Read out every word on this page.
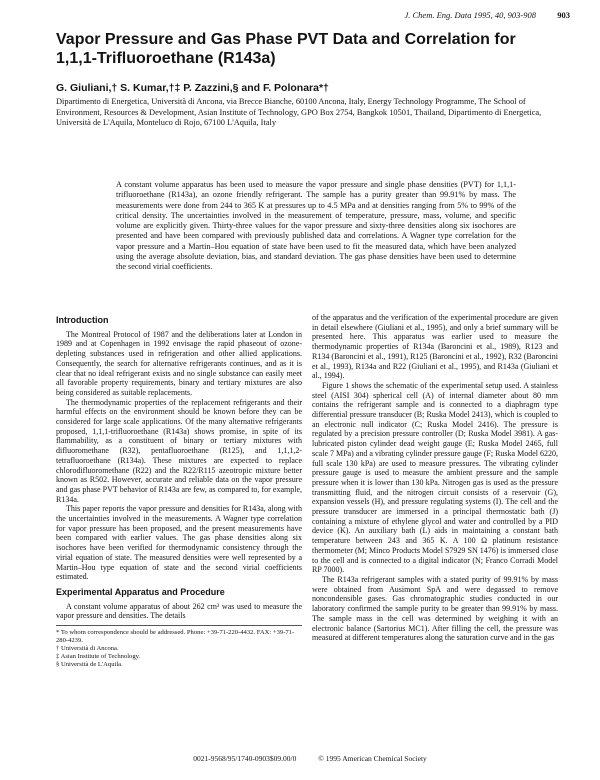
J. Chem. Eng. Data 1995, 40, 903-908	903
Vapor Pressure and Gas Phase PVT Data and Correlation for 1,1,1-Trifluoroethane (R143a)
G. Giuliani,† S. Kumar,†‡ P. Zazzini,§ and F. Polonara*†
Dipartimento di Energetica, Università di Ancona, via Brecce Bianche, 60100 Ancona, Italy, Energy Technology Programme, The School of Environment, Resources & Development, Asian Institute of Technology, GPO Box 2754, Bangkok 10501, Thailand, Dipartimento di Energetica, Università de L'Aquila, Monteluco di Rojo, 67100 L'Aquila, Italy
A constant volume apparatus has been used to measure the vapor pressure and single phase densities (PVT) for 1,1,1-trifluoroethane (R143a), an ozone friendly refrigerant. The sample has a purity greater than 99.91% by mass. The measurements were done from 244 to 365 K at pressures up to 4.5 MPa and at densities ranging from 5% to 99% of the critical density. The uncertainties involved in the measurement of temperature, pressure, mass, volume, and specific volume are explicitly given. Thirty-three values for the vapor pressure and sixty-three densities along six isochores are presented and have been compared with previously published data and correlations. A Wagner type correlation for the vapor pressure and a Martin–Hou equation of state have been used to fit the measured data, which have been analyzed using the average absolute deviation, bias, and standard deviation. The gas phase densities have been used to determine the second virial coefficients.
Introduction

The Montreal Protocol of 1987 and the deliberations later at London in 1989 and at Copenhagen in 1992 envisage the rapid phaseout of ozone-depleting substances used in refrigeration and other allied applications. Consequently, the search for alternative refrigerants continues, and as it is clear that no ideal refrigerant exists and no single substance can easily meet all favorable property requirements, binary and tertiary mixtures are also being considered as suitable replacements.

The thermodynamic properties of the replacement refrigerants and their harmful effects on the environment should be known before they can be considered for large scale applications. Of the many alternative refrigerants proposed, 1,1,1-trifluoroethane (R143a) shows promise, in spite of its flammability, as a constituent of binary or tertiary mixtures with difluoromethane (R32), pentafluoroethane (R125), and 1,1,1,2-tetrafluoroethane (R134a). These mixtures are expected to replace chlorodifluoromethane (R22) and the R22/R115 azeotropic mixture better known as R502. However, accurate and reliable data on the vapor pressure and gas phase PVT behavior of R143a are few, as compared to, for example, R134a.

This paper reports the vapor pressure and densities for R143a, along with the uncertainties involved in the measurements. A Wagner type correlation for vapor pressure has been proposed, and the present measurements have been compared with earlier values. The gas phase densities along six isochores have been verified for thermodynamic consistency through the virial equation of state. The measured densities were well represented by a Martin–Hou type equation of state and the second virial coefficients estimated.

Experimental Apparatus and Procedure

A constant volume apparatus of about 262 cm³ was used to measure the vapor pressure and densities. The details

* To whom correspondence should be addressed. Phone: +39-71-220-4432. FAX: +39-71-280-4239.
† Università di Ancona.
‡ Asian Institute of Technology.
§ Università de L'Aquila.

of the apparatus and the verification of the experimental procedure are given in detail elsewhere (Giuliani et al., 1995), and only a brief summary will be presented here. This apparatus was earlier used to measure the thermodynamic properties of R134a (Baroncini et al., 1989), R123 and R134 (Baroncini et al., 1991), R125 (Baroncini et al., 1992), R32 (Baroncini et al., 1993), R134a and R22 (Giuliani et al., 1995), and R143a (Giuliani et al., 1994).

Figure 1 shows the schematic of the experimental setup used. A stainless steel (AISI 304) spherical cell (A) of internal diameter about 80 mm contains the refrigerant sample and is connected to a diaphragm type differential pressure transducer (B; Ruska Model 2413), which is coupled to an electronic null indicator (C; Ruska Model 2416). The pressure is regulated by a precision pressure controller (D; Ruska Model 3981). A gas-lubricated piston cylinder dead weight gauge (E; Ruska Model 2465, full scale 7 MPa) and a vibrating cylinder pressure gauge (F; Ruska Model 6220, full scale 130 kPa) are used to measure pressures. The vibrating cylinder pressure gauge is used to measure the ambient pressure and the sample pressure when it is lower than 130 kPa. Nitrogen gas is used as the pressure transmitting fluid, and the nitrogen circuit consists of a reservoir (G), expansion vessels (H), and pressure regulating systems (I). The cell and the pressure transducer are immersed in a principal thermostatic bath (J) containing a mixture of ethylene glycol and water and controlled by a PID device (K). An auxiliary bath (L) aids in maintaining a constant bath temperature between 243 and 365 K. A 100 Ω platinum resistance thermometer (M; Minco Products Model S7929 SN 1476) is immersed close to the cell and is connected to a digital indicator (N; Franco Corradi Model RP 7000).

The R143a refrigerant samples with a stated purity of 99.91% by mass were obtained from Ausimont SpA and were degassed to remove noncondensible gases. Gas chromatographic studies conducted in our laboratory confirmed the sample purity to be greater than 99.91% by mass. The sample mass in the cell was determined by weighing it with an electronic balance (Sartorius MC1). After filling the cell, the pressure was measured at different temperatures along the saturation curve and in the gas

0021-9568/95/1740-0903$09.00/0	© 1995 American Chemical Society
